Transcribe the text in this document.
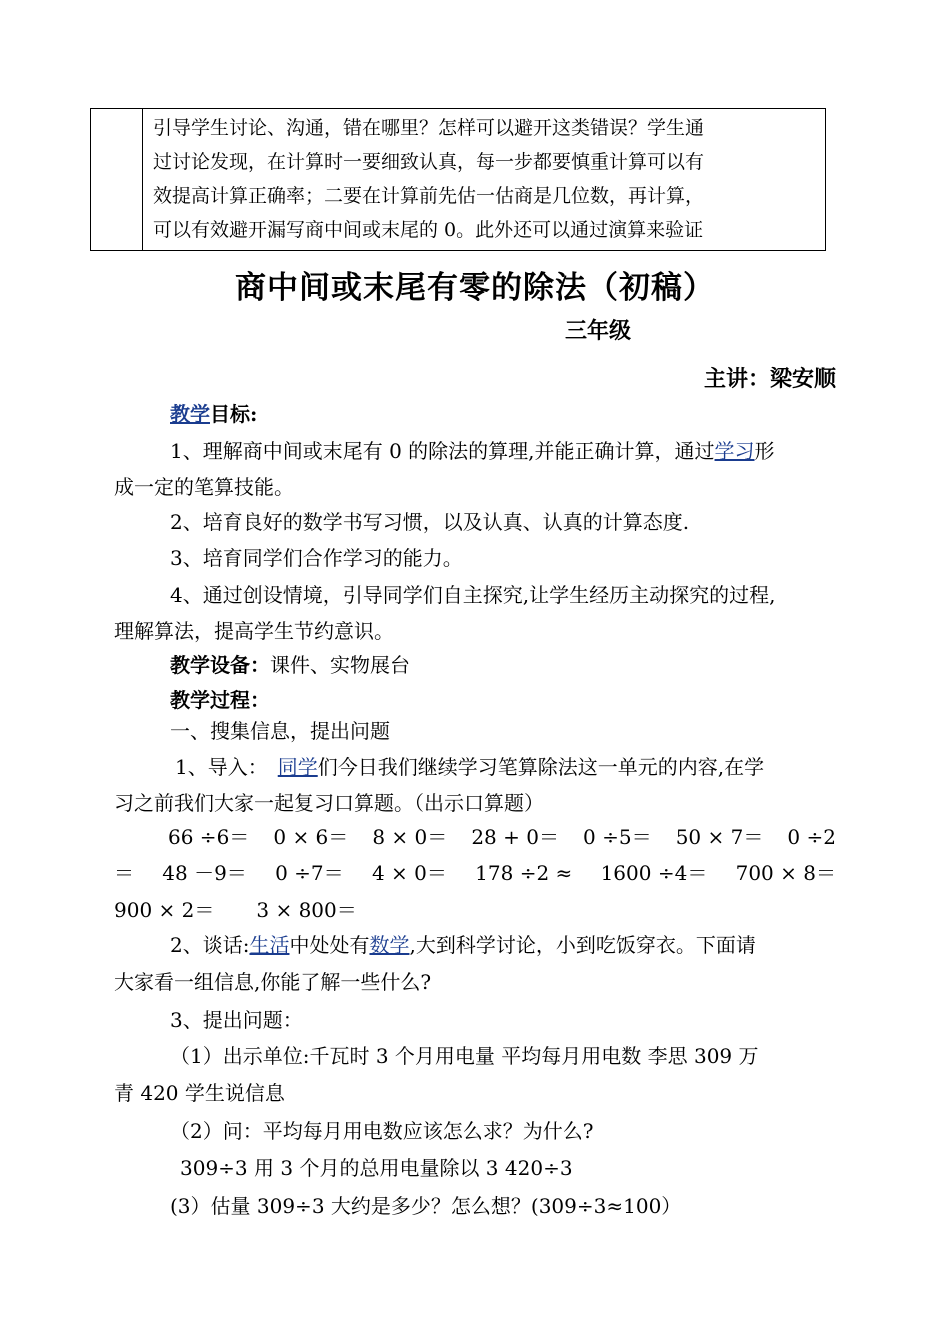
引导学生讨论、沟通，错在哪里？怎样可以避开这类错误？学生通
过讨论发现，在计算时一要细致认真，每一步都要慎重计算可以有
效提高计算正确率；二要在计算前先估一估商是几位数，再计算，
可以有效避开漏写商中间或末尾的 0。此外还可以通过演算来验证
商中间或末尾有零的除法（初稿）
三年级
主讲：梁安顺
教学目标:
1、理解商中间或末尾有 0 的除法的算理,并能正确计算，通过学习形
成一定的笔算技能。
2、培育良好的数学书写习惯，以及认真、认真的计算态度.
3、培育同学们合作学习的能力。
4、通过创设情境，引导同学们自主探究,让学生经历主动探究的过程,
理解算法，提高学生节约意识。
教学设备：课件、实物展台
教学过程：
一、搜集信息，提出问题
1、导入： 同学们今日我们继续学习笔算除法这一单元的内容,在学
习之前我们大家一起复习口算题。（出示口算题）
66 ÷6＝ 0 × 6＝ 8 × 0＝ 28 + 0＝ 0 ÷5＝ 50 × 7＝ 0 ÷2
＝ 48 －9＝ 0 ÷7＝ 4 × 0＝ 178 ÷2 ≈ 1600 ÷4＝ 700 × 8＝
900 × 2＝ 3 × 800＝
2、谈话:生活中处处有数学,大到科学讨论，小到吃饭穿衣。下面请
大家看一组信息,你能了解一些什么?
3、提出问题：
（1）出示单位:千瓦时 3 个月用电量 平均每月用电数 李思 309 万
青 420 学生说信息
（2）问：平均每月用电数应该怎么求？为什么?
309÷3 用 3 个月的总用电量除以 3 420÷3
(3）估量 309÷3 大约是多少？怎么想？(309÷3≈100）
